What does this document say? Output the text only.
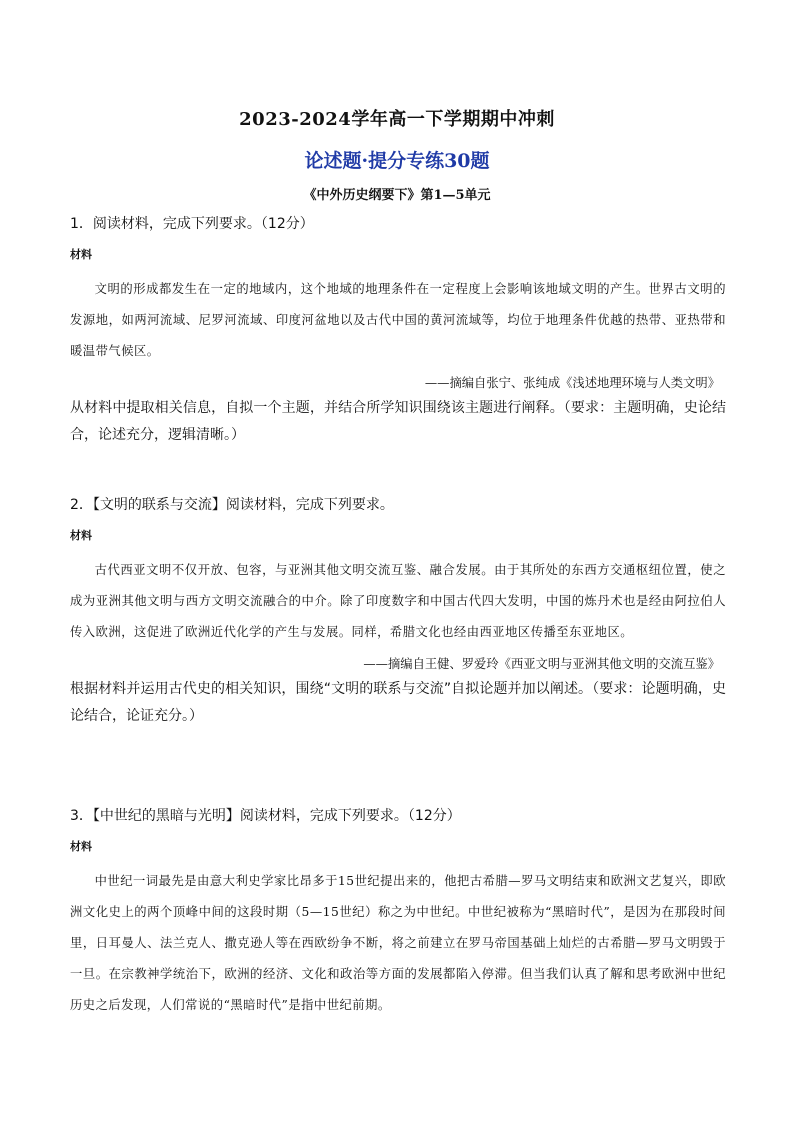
2023-2024学年高一下学期期中冲刺
论述题·提分专练30题
《中外历史纲要下》第1—5单元

1．阅读材料，完成下列要求。（12分）

材料

文明的形成都发生在一定的地域内，这个地域的地理条件在一定程度上会影响该地域文明的产生。世界古文明的发源地，如两河流域、尼罗河流域、印度河盆地以及古代中国的黄河流域等，均位于地理条件优越的热带、亚热带和暖温带气候区。

——摘编自张宁、张纯成《浅述地理环境与人类文明》

从材料中提取相关信息，自拟一个主题，并结合所学知识围绕该主题进行阐释。（要求：主题明确，史论结合，论述充分，逻辑清晰。）

2．【文明的联系与交流】阅读材料，完成下列要求。

材料

古代西亚文明不仅开放、包容，与亚洲其他文明交流互鉴、融合发展。由于其所处的东西方交通枢纽位置，使之成为亚洲其他文明与西方文明交流融合的中介。除了印度数字和中国古代四大发明，中国的炼丹术也是经由阿拉伯人传入欧洲，这促进了欧洲近代化学的产生与发展。同样，希腊文化也经由西亚地区传播至东亚地区。

——摘编自王健、罗爱玲《西亚文明与亚洲其他文明的交流互鉴》

根据材料并运用古代史的相关知识，围绕“文明的联系与交流”自拟论题并加以阐述。（要求：论题明确，史论结合，论证充分。）

3．【中世纪的黑暗与光明】阅读材料，完成下列要求。（12分）

材料

中世纪一词最先是由意大利史学家比昂多于15世纪提出来的，他把古希腊—罗马文明结束和欧洲文艺复兴，即欧洲文化史上的两个顶峰中间的这段时期（5—15世纪）称之为中世纪。中世纪被称为“黑暗时代”，是因为在那段时间里，日耳曼人、法兰克人、撒克逊人等在西欧纷争不断，将之前建立在罗马帝国基础上灿烂的古希腊—罗马文明毁于一旦。在宗教神学统治下，欧洲的经济、文化和政治等方面的发展都陷入停滞。但当我们认真了解和思考欧洲中世纪历史之后发现，人们常说的“黑暗时代”是指中世纪前期。
